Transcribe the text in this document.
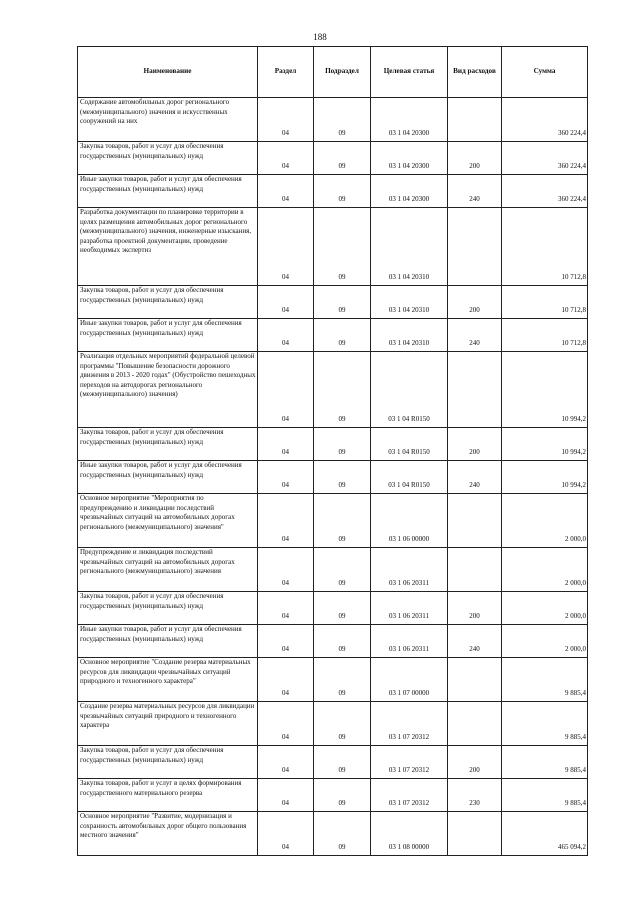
188
Наименование	Раздел	Подраздел	Целевая статья	Вид расходов	Сумма
Содержание автомобильных дорог регионального (межмуниципального) значения и искусственных сооружений на них	04	09	03 1 04 20300		360 224,4
Закупка товаров, работ и услуг для обеспечения государственных (муниципальных) нужд	04	09	03 1 04 20300	200	360 224,4
Иные закупки товаров, работ и услуг для обеспечения государственных (муниципальных) нужд	04	09	03 1 04 20300	240	360 224,4
Разработка документации по планировке территории в целях размещения автомобильных дорог регионального (межмуниципального) значения, инженерные изыскания, разработка проектной документации, проведение необходимых экспертиз	04	09	03 1 04 20310		10 712,8
Закупка товаров, работ и услуг для обеспечения государственных (муниципальных) нужд	04	09	03 1 04 20310	200	10 712,8
Иные закупки товаров, работ и услуг для обеспечения государственных (муниципальных) нужд	04	09	03 1 04 20310	240	10 712,8
Реализация отдельных мероприятий федеральной целевой программы "Повышение безопасности дорожного движения в 2013 - 2020 годах" (Обустройство пешеходных переходов на автодорогах регионального (межмуниципального) значения)	04	09	03 1 04 R0150		10 994,2
Закупка товаров, работ и услуг для обеспечения государственных (муниципальных) нужд	04	09	03 1 04 R0150	200	10 994,2
Иные закупки товаров, работ и услуг для обеспечения государственных (муниципальных) нужд	04	09	03 1 04 R0150	240	10 994,2
Основное мероприятие "Мероприятия по предупреждению и ликвидации последствий чрезвычайных ситуаций на автомобильных дорогах регионального (межмуниципального) значения"	04	09	03 1 06 00000		2 000,0
Предупреждение и ликвидация последствий чрезвычайных ситуаций на автомобильных дорогах регионального (межмуниципального) значения	04	09	03 1 06 20311		2 000,0
Закупка товаров, работ и услуг для обеспечения государственных (муниципальных) нужд	04	09	03 1 06 20311	200	2 000,0
Иные закупки товаров, работ и услуг для обеспечения государственных (муниципальных) нужд	04	09	03 1 06 20311	240	2 000,0
Основное мероприятие "Создание резерва материальных ресурсов для ликвидации чрезвычайных ситуаций природного и техногенного характера"	04	09	03 1 07 00000		9 885,4
Создание резерва материальных ресурсов для ликвидации чрезвычайных ситуаций природного и техногенного характера	04	09	03 1 07 20312		9 885,4
Закупка товаров, работ и услуг для обеспечения государственных (муниципальных) нужд	04	09	03 1 07 20312	200	9 885,4
Закупка товаров, работ и услуг в целях формирования государственного материального резерва	04	09	03 1 07 20312	230	9 885,4
Основное мероприятие "Развитие, модернизация и сохранность автомобильных дорог общего пользования местного значения"	04	09	03 1 08 00000		465 094,2
